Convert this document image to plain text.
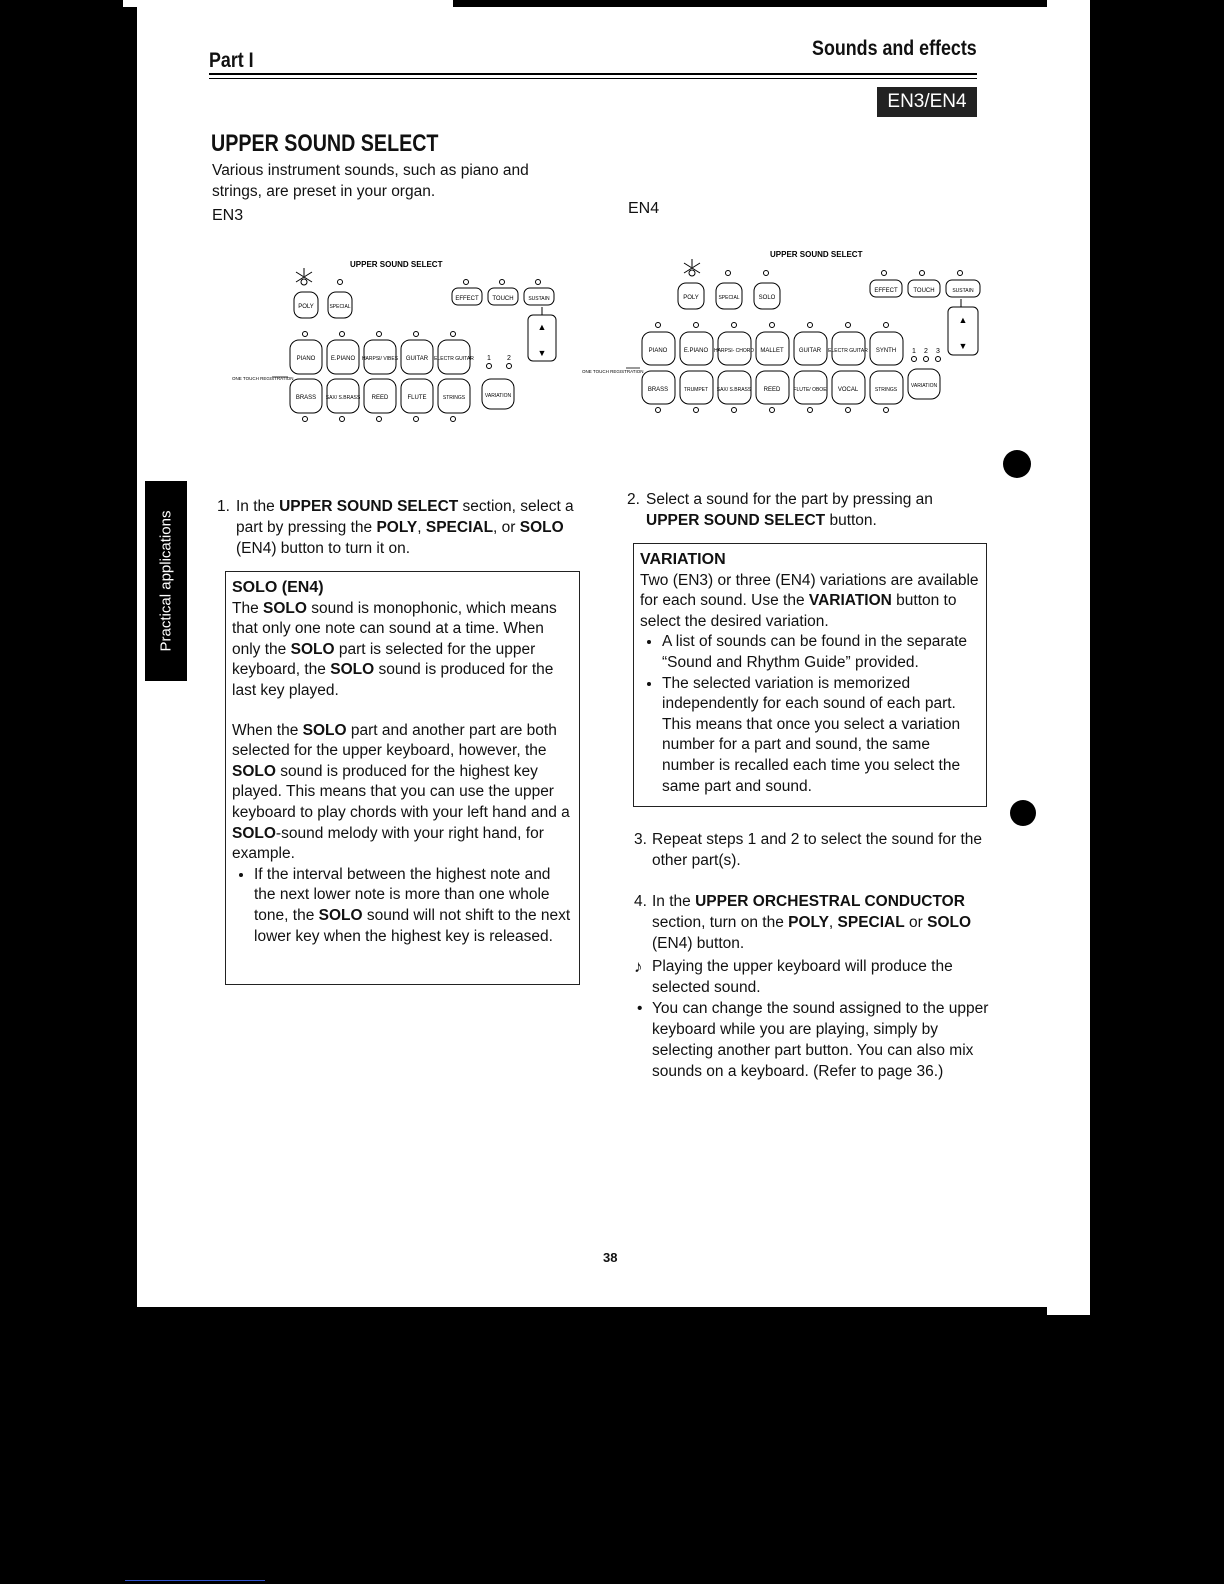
Part I
Sounds and effects
EN3/EN4
UPPER SOUND SELECT
Various instrument sounds, such as piano and strings, are preset in your organ.
EN3	EN4
UPPER SOUND SELECT
POLY	SPECIAL
EFFECT TOUCH	SUSTAIN
▲
▼
PIANO	E.PIANO HARPSI/ VIBES GUITAR ELECTR GUITAR 1 2
BRASS SAX/ S.BRASS REED	FLUTE	STRINGS	VARIATION
ONE TOUCH REGISTRATION
UPPER SOUND SELECT
POLY	SPECIAL	SOLO
EFFECT	TOUCH	SUSTAIN
▲
▼
PIANO	E.PIANO HARPSI- CHORD MALLET	GUITAR ELECTR GUITAR SYNTH 1 2 3
BRASS	TRUMPET SAX/ S.BRASS REED	FLUTE/ OBOE VOCAL	STRINGS
VARIATION
ONE TOUCH REGISTRATION
1. In the UPPER SOUND SELECT section, select a part by pressing the POLY, SPECIAL, or SOLO (EN4) button to turn it on.
SOLO (EN4)

The SOLO sound is monophonic, which means that only one note can sound at a time. When only the SOLO part is selected for the upper keyboard, the SOLO sound is produced for the last key played.

When the SOLO part and another part are both selected for the upper keyboard, however, the SOLO sound is produced for the highest key played. This means that you can use the upper keyboard to play chords with your left hand and a SOLO-sound melody with your right hand, for example.

• If the interval between the highest note and the next lower note is more than one whole tone, the SOLO sound will not shift to the next lower key when the highest key is released.
2. Select a sound for the part by pressing an UPPER SOUND SELECT button.
VARIATION

Two (EN3) or three (EN4) variations are available for each sound. Use the VARIATION button to select the desired variation.

• A list of sounds can be found in the separate “Sound and Rhythm Guide” provided.
• The selected variation is memorized independently for each sound of each part. This means that once you select a variation number for a part and sound, the same number is recalled each time you select the same part and sound.
3. Repeat steps 1 and 2 to select the sound for the other part(s).
4. In the UPPER ORCHESTRAL CONDUCTOR section, turn on the POLY, SPECIAL or SOLO (EN4) button.
♪ Playing the upper keyboard will produce the selected sound.
• You can change the sound assigned to the upper keyboard while you are playing, simply by selecting another part button. You can also mix sounds on a keyboard. (Refer to page 36.)
38
Practical applications
